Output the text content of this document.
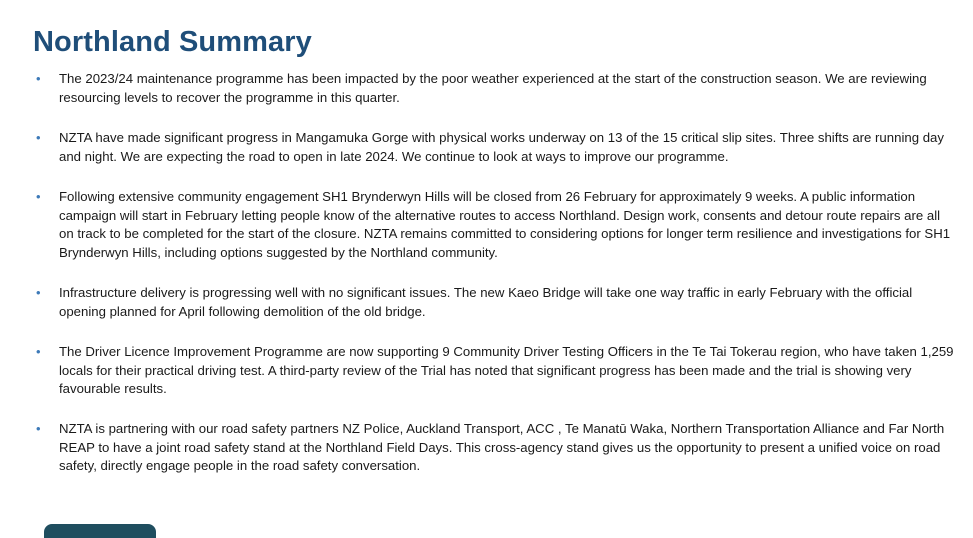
Northland Summary
•	The 2023/24 maintenance programme has been impacted by the poor weather experienced at the start of the construction season. We are reviewing resourcing levels to recover the programme in this quarter.
•	NZTA have made significant progress in Mangamuka Gorge with physical works underway on 13 of the 15 critical slip sites. Three shifts are running day and night. We are expecting the road to open in late 2024. We continue to look at ways to improve our programme.
•	Following extensive community engagement SH1 Brynderwyn Hills will be closed from 26 February for approximately 9 weeks. A public information campaign will start in February letting people know of the alternative routes to access Northland. Design work, consents and detour route repairs are all on track to be completed for the start of the closure. NZTA remains committed to considering options for longer term resilience and investigations for SH1 Brynderwyn Hills, including options suggested by the Northland community.
•	Infrastructure delivery is progressing well with no significant issues. The new Kaeo Bridge will take one way traffic in early February with the official opening planned for April following demolition of the old bridge.
•	The Driver Licence Improvement Programme are now supporting 9 Community Driver Testing Officers in the Te Tai Tokerau region, who have taken 1,259 locals for their practical driving test. A third-party review of the Trial has noted that significant progress has been made and the trial is showing very favourable results.
•	NZTA is partnering with our road safety partners NZ Police, Auckland Transport, ACC , Te Manatū Waka, Northern Transportation Alliance and Far North REAP to have a joint road safety stand at the Northland Field Days. This cross-agency stand gives us the opportunity to present a unified voice on road safety, directly engage people in the road safety conversation.
